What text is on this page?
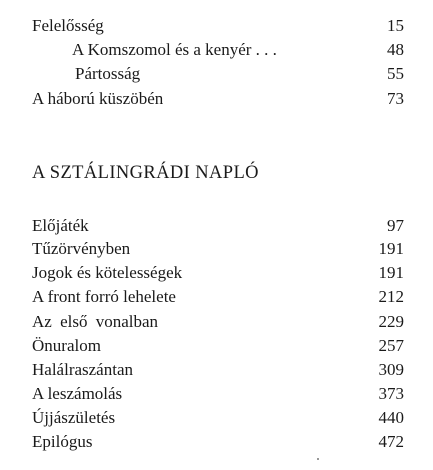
Felelősség	15
A Komszomol és a kenyér . . .	48
Pártosság	55
A háború küszöbén	73
A SZTÁLINGRÁDI NAPLÓ
Előjáték	97
Tűzörvényben	191
Jogok és kötelességek	191
A front forró lehelete	212
Az első vonalban	229
Önuralom	257
Halálraszántan	309
A leszámolás	373
Újjászületés	440
Epilógus	472
